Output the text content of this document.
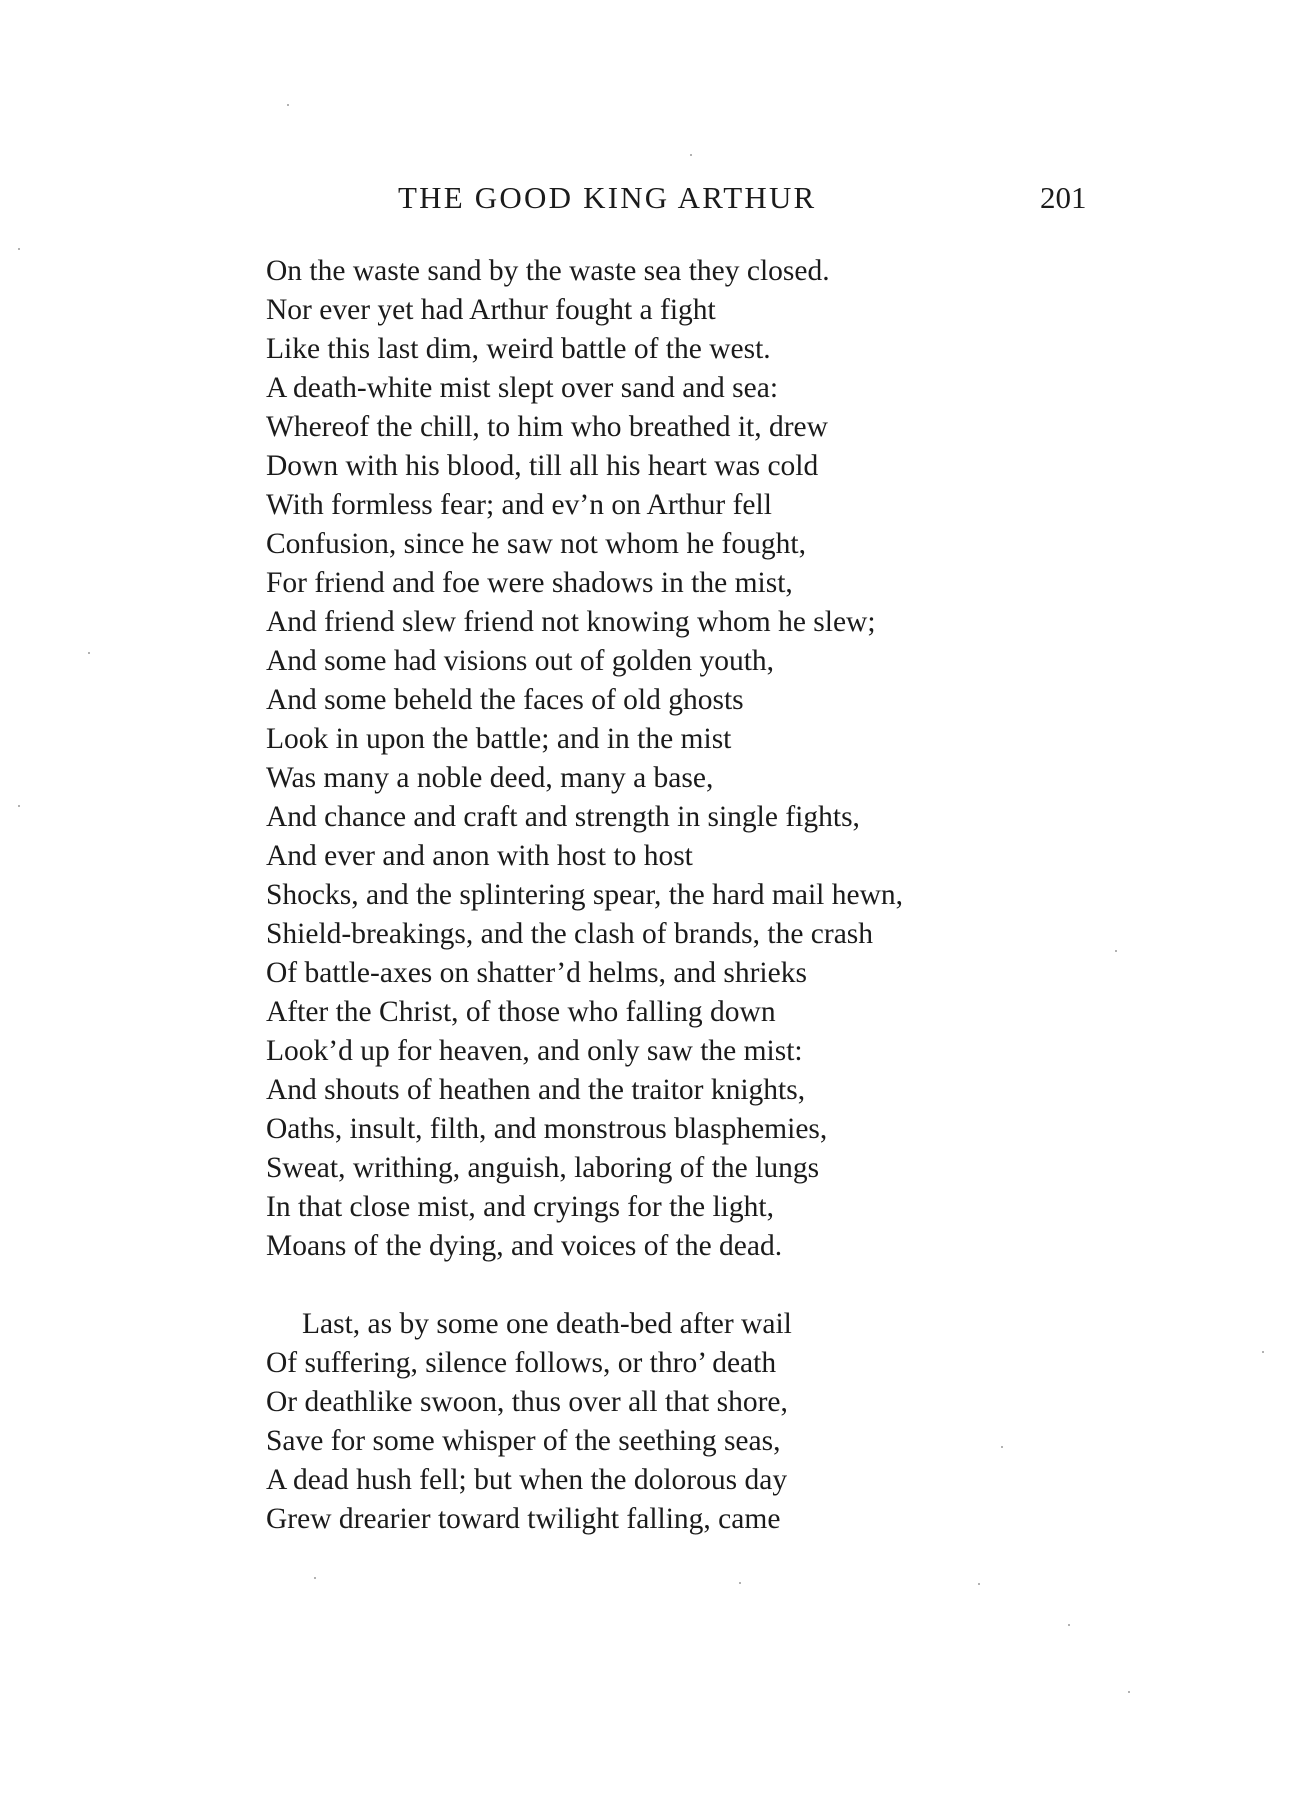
THE GOOD KING ARTHUR	201

On the waste sand by the waste sea they closed.
Nor ever yet had Arthur fought a fight
Like this last dim, weird battle of the west.
A death-white mist slept over sand and sea:
Whereof the chill, to him who breathed it, drew
Down with his blood, till all his heart was cold
With formless fear; and ev’n on Arthur fell
Confusion, since he saw not whom he fought,
For friend and foe were shadows in the mist,
And friend slew friend not knowing whom he slew;
And some had visions out of golden youth,
And some beheld the faces of old ghosts
Look in upon the battle; and in the mist
Was many a noble deed, many a base,
And chance and craft and strength in single fights,
And ever and anon with host to host
Shocks, and the splintering spear, the hard mail hewn,
Shield-breakings, and the clash of brands, the crash
Of battle-axes on shatter’d helms, and shrieks
After the Christ, of those who falling down
Look’d up for heaven, and only saw the mist:
And shouts of heathen and the traitor knights,
Oaths, insult, filth, and monstrous blasphemies,
Sweat, writhing, anguish, laboring of the lungs
In that close mist, and cryings for the light,
Moans of the dying, and voices of the dead.

Last, as by some one death-bed after wail
Of suffering, silence follows, or thro’ death
Or deathlike swoon, thus over all that shore,
Save for some whisper of the seething seas,
A dead hush fell; but when the dolorous day
Grew drearier toward twilight falling, came
